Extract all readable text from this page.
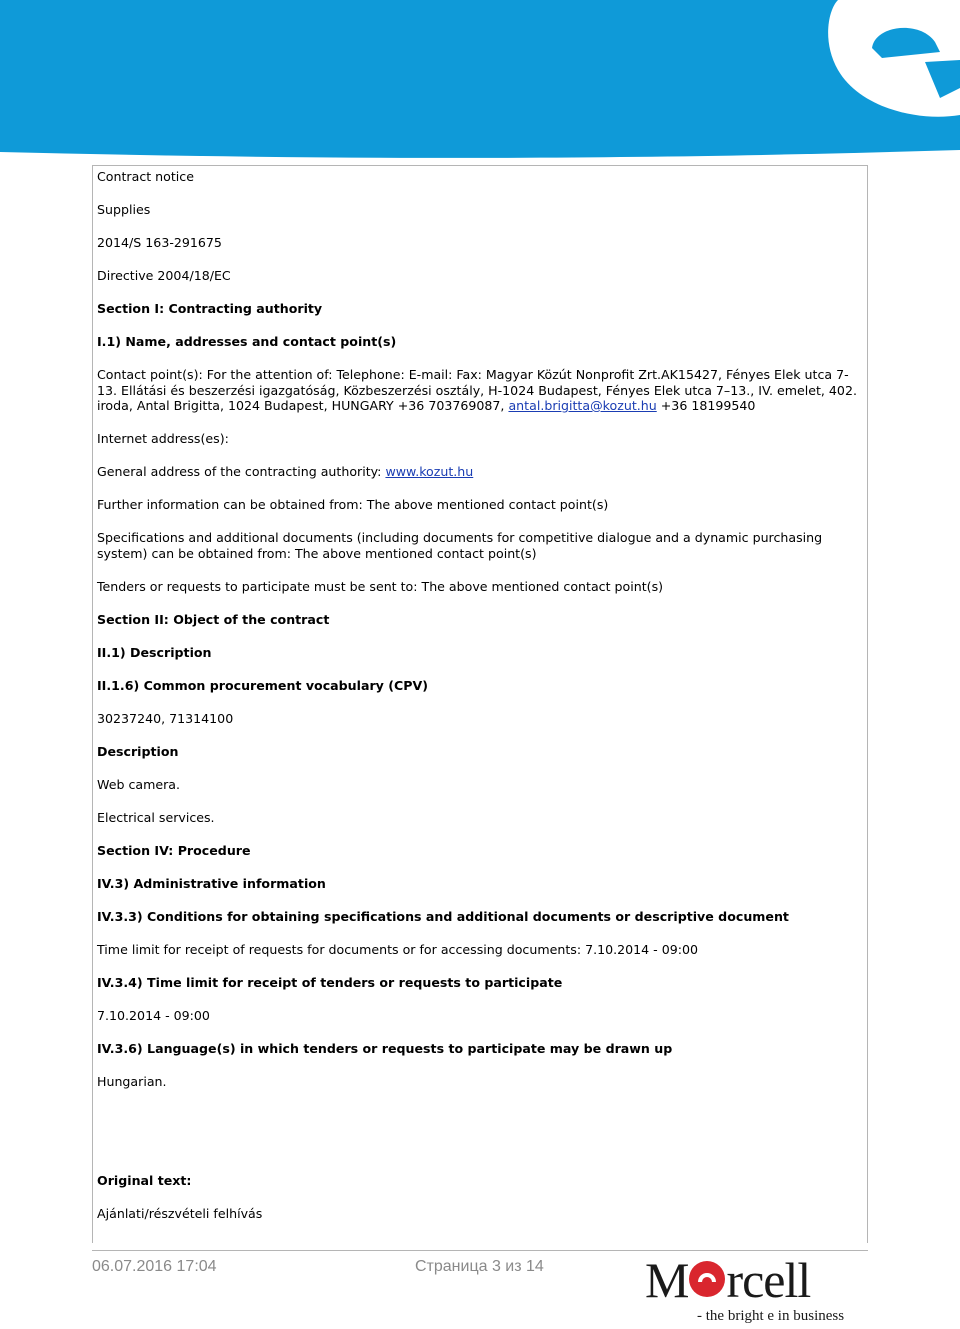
Contract notice
Supplies
2014/S 163-291675
Directive 2004/18/EC
Section I: Contracting authority
I.1) Name, addresses and contact point(s)
Contact point(s): For the attention of: Telephone: E-mail: Fax: Magyar Közút Nonprofit Zrt.AK15427, Fényes Elek utca 7-13. Ellátási és beszerzési igazgatóság, Közbeszerzési osztály, H-1024 Budapest, Fényes Elek utca 7–13., IV. emelet, 402. iroda, Antal Brigitta, 1024 Budapest, HUNGARY +36 703769087, antal.brigitta@kozut.hu +36 18199540
Internet address(es):
General address of the contracting authority: www.kozut.hu
Further information can be obtained from: The above mentioned contact point(s)
Specifications and additional documents (including documents for competitive dialogue and a dynamic purchasing system) can be obtained from: The above mentioned contact point(s)
Tenders or requests to participate must be sent to: The above mentioned contact point(s)
Section II: Object of the contract
II.1) Description
II.1.6) Common procurement vocabulary (CPV)
30237240, 71314100
Description
Web camera.
Electrical services.
Section IV: Procedure
IV.3) Administrative information
IV.3.3) Conditions for obtaining specifications and additional documents or descriptive document
Time limit for receipt of requests for documents or for accessing documents: 7.10.2014 - 09:00
IV.3.4) Time limit for receipt of tenders or requests to participate
7.10.2014 - 09:00
IV.3.6) Language(s) in which tenders or requests to participate may be drawn up
Hungarian.
Original text:
Ajánlati/részvételi felhívás
06.07.2016 17:04	Страница 3 из 14 M rcell
- the bright e in business
